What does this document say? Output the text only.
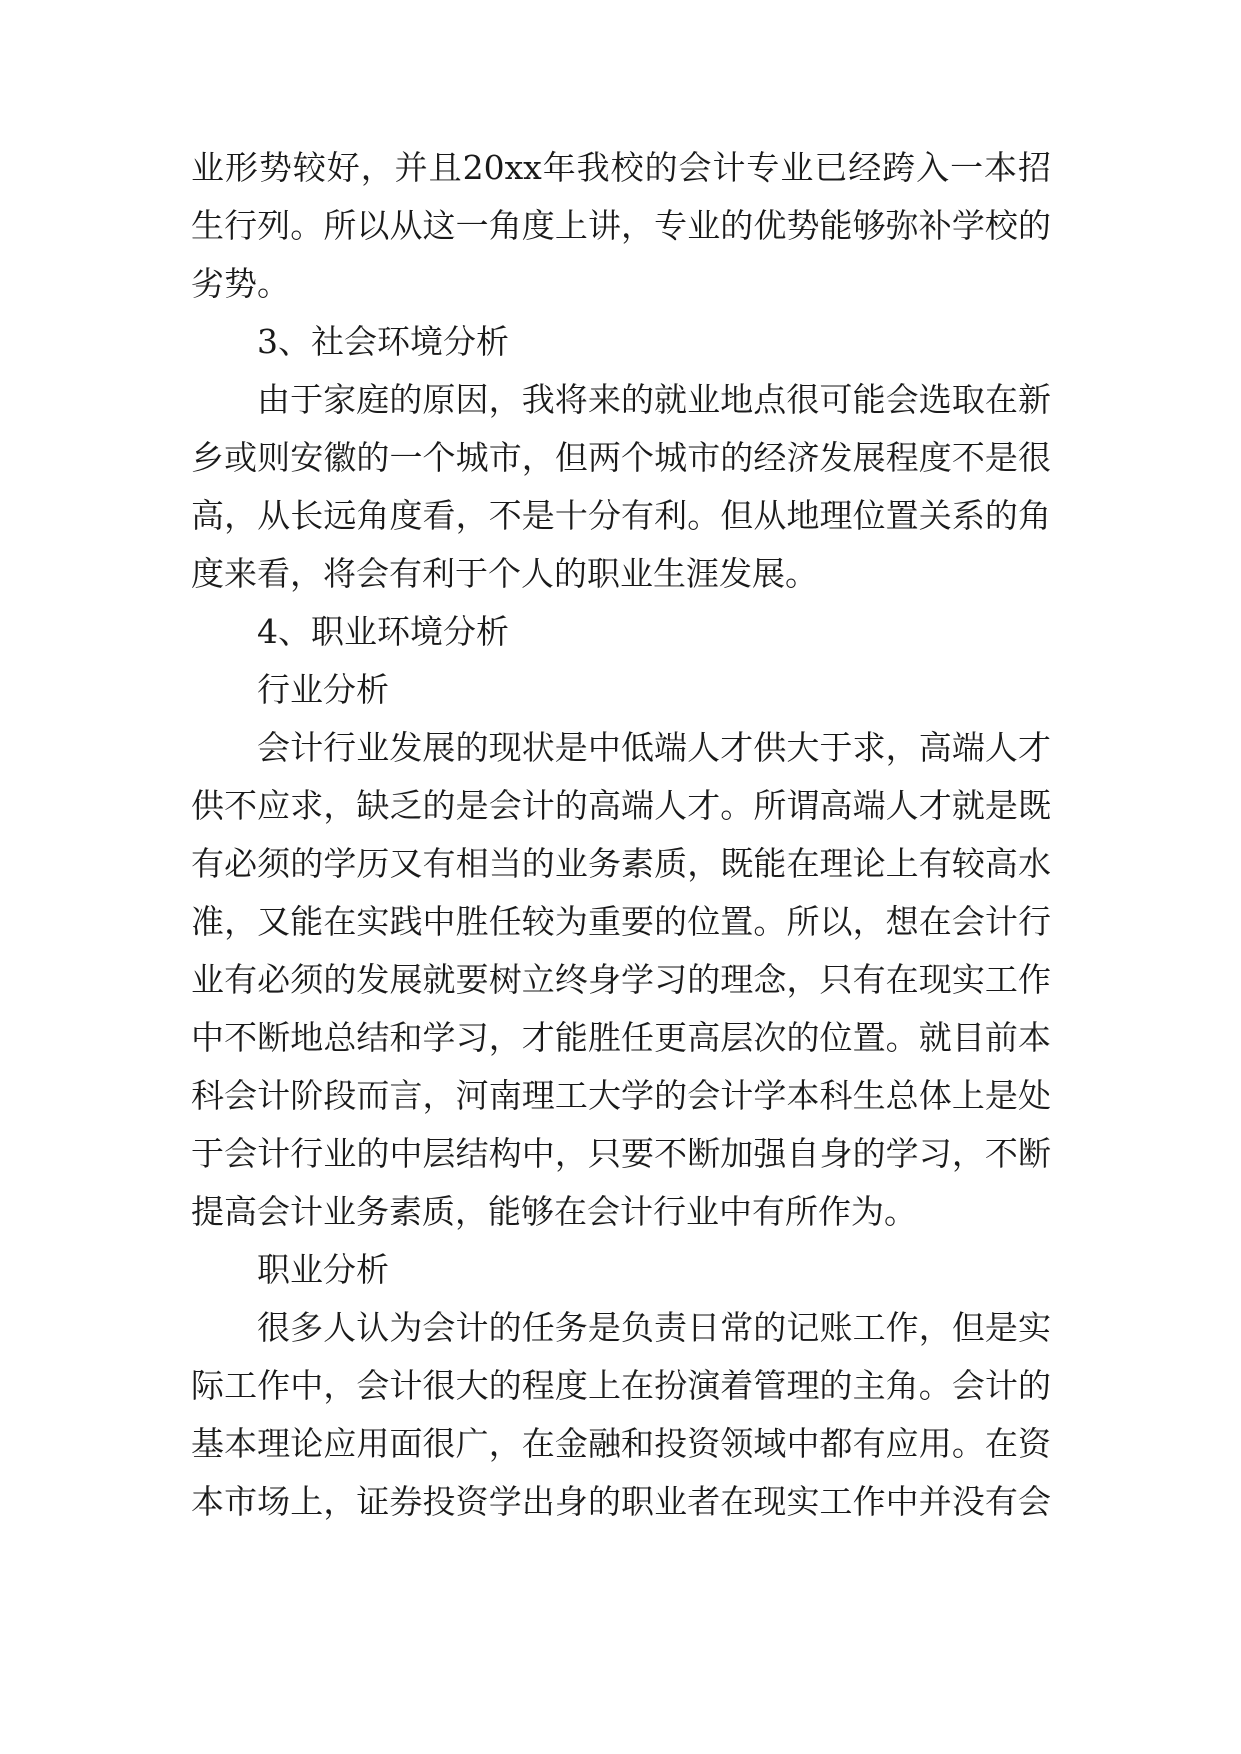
业形势较好，并且20xx年我校的会计专业已经跨入一本招
生行列。所以从这一角度上讲，专业的优势能够弥补学校的
劣势。
3、社会环境分析
由于家庭的原因，我将来的就业地点很可能会选取在新
乡或则安徽的一个城市，但两个城市的经济发展程度不是很
高，从长远角度看，不是十分有利。但从地理位置关系的角
度来看，将会有利于个人的职业生涯发展。
4、职业环境分析
行业分析
会计行业发展的现状是中低端人才供大于求，高端人才
供不应求，缺乏的是会计的高端人才。所谓高端人才就是既
有必须的学历又有相当的业务素质，既能在理论上有较高水
准，又能在实践中胜任较为重要的位置。所以，想在会计行
业有必须的发展就要树立终身学习的理念，只有在现实工作
中不断地总结和学习，才能胜任更高层次的位置。就目前本
科会计阶段而言，河南理工大学的会计学本科生总体上是处
于会计行业的中层结构中，只要不断加强自身的学习，不断
提高会计业务素质，能够在会计行业中有所作为。
职业分析
很多人认为会计的任务是负责日常的记账工作，但是实
际工作中，会计很大的程度上在扮演着管理的主角。会计的
基本理论应用面很广，在金融和投资领域中都有应用。在资
本市场上，证券投资学出身的职业者在现实工作中并没有会
